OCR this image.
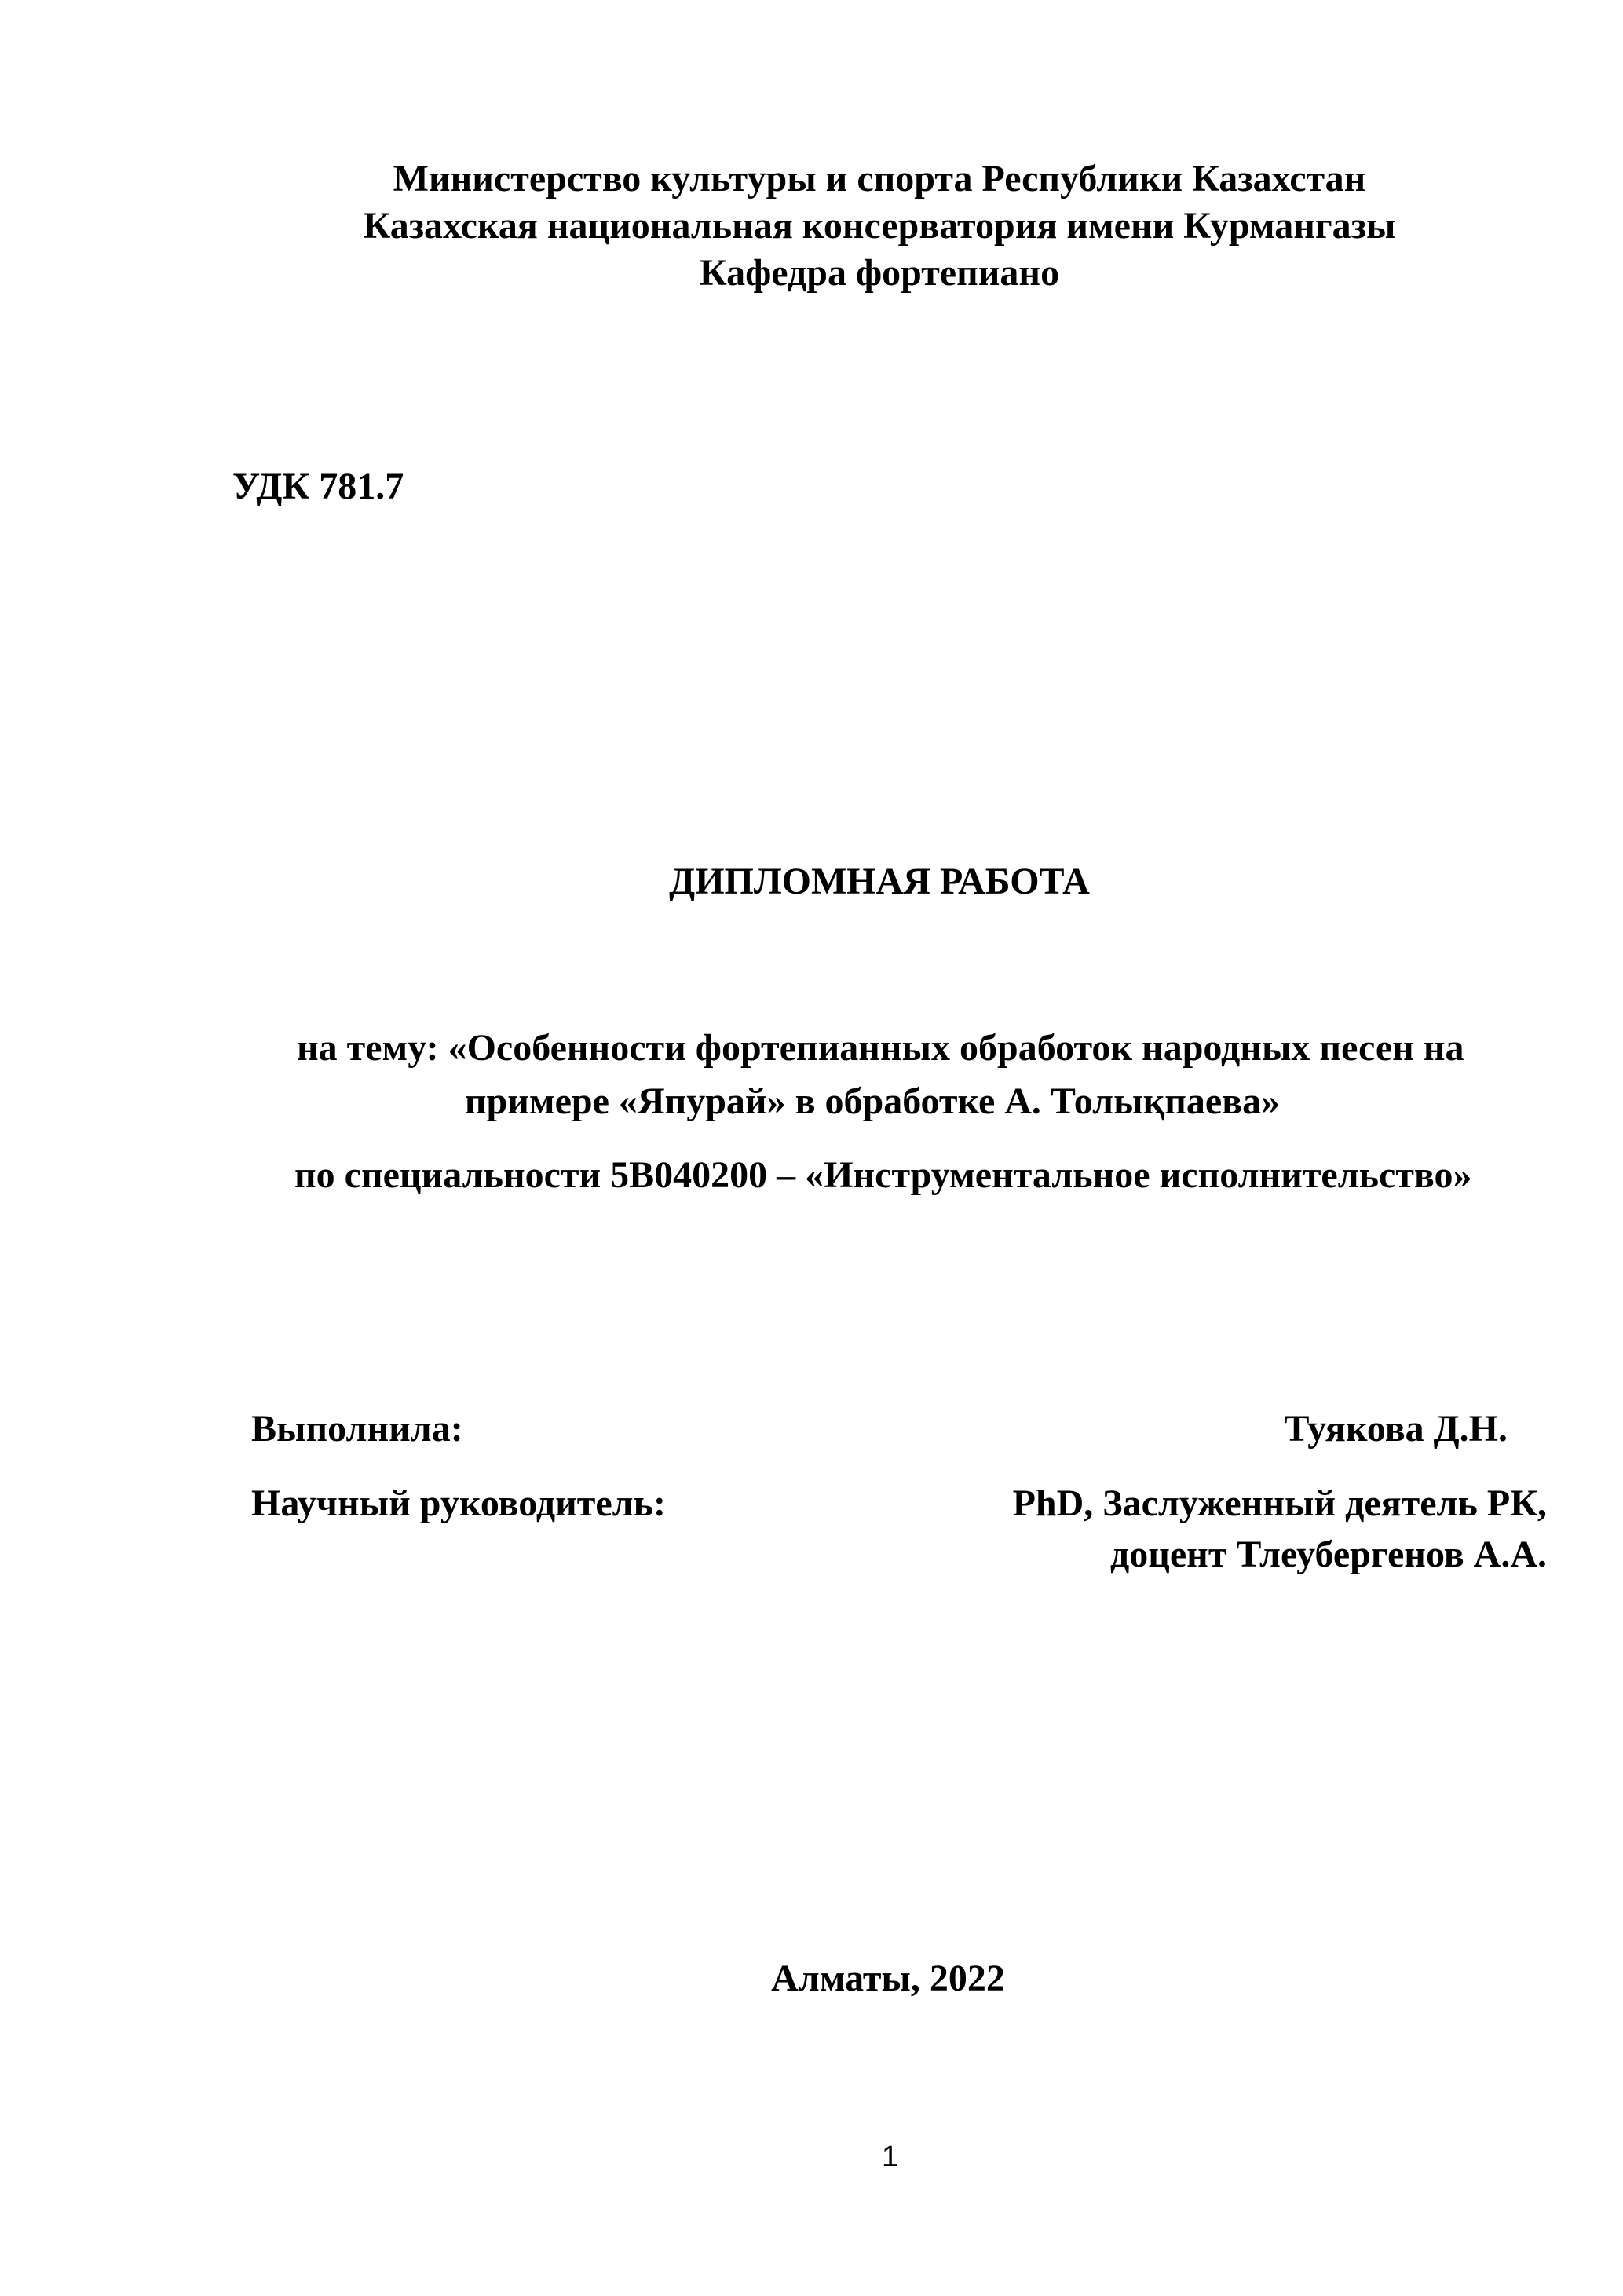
Министерство культуры и спорта Республики Казахстан
Казахская национальная консерватория имени Курмангазы
Кафедра фортепиано
УДК 781.7
ДИПЛОМНАЯ РАБОТА
на тему: «Особенности фортепианных обработок народных песен на
примере «Япурай» в обработке А. Толықпаева»
по специальности 5В040200 – «Инструментальное исполнительство»
Выполнила:	Туякова Д.Н.
Научный руководитель:	PhD, Заслуженный деятель РК,
доцент Тлеубергенов А.А.
Алматы, 2022
1
